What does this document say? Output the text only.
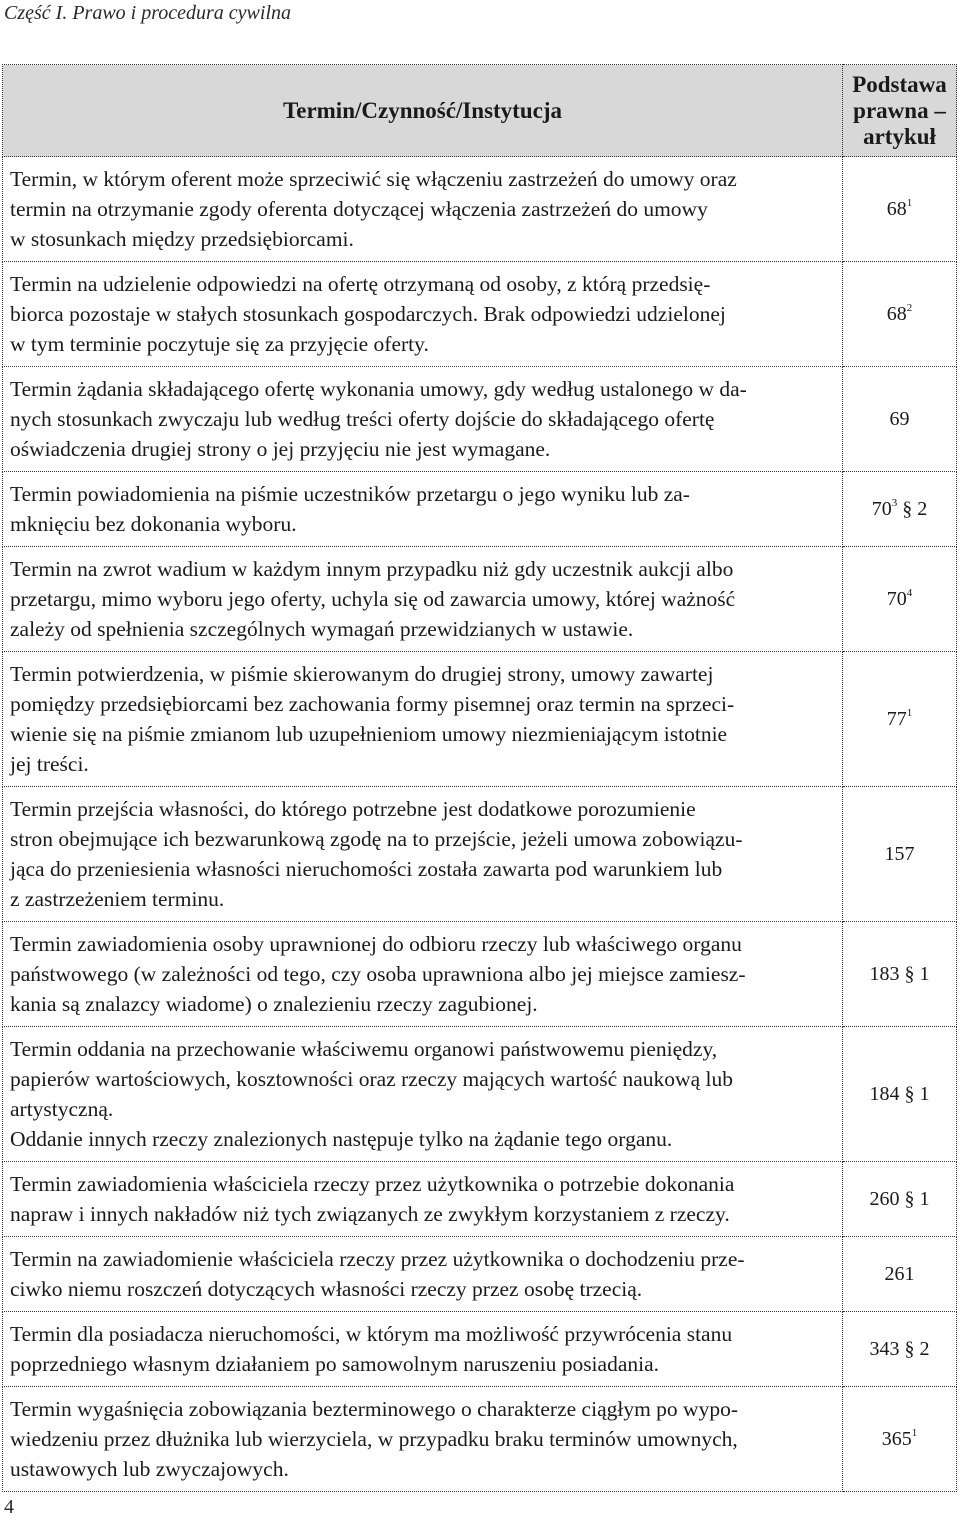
Część I. Prawo i procedura cywilna
Termin/Czynność/Instytucja	Podstawa
prawna –
artykuł

Termin, w którym oferent może sprzeciwić się włączeniu zastrzeżeń do umowy oraz
termin na otrzymanie zgody oferenta dotyczącej włączenia zastrzeżeń do umowy
w stosunkach między przedsiębiorcami.	$68^1$

Termin na udzielenie odpowiedzi na ofertę otrzymaną od osoby, z którą przedsię-
biorca pozostaje w stałych stosunkach gospodarczych. Brak odpowiedzi udzielonej
w tym terminie poczytuje się za przyjęcie oferty.	$68^2$

Termin żądania składającego ofertę wykonania umowy, gdy według ustalonego w da-
nych stosunkach zwyczaju lub według treści oferty dojście do składającego ofertę
oświadczenia drugiej strony o jej przyjęciu nie jest wymagane.	69

Termin powiadomienia na piśmie uczestników przetargu o jego wyniku lub za-
mknięciu bez dokonania wyboru.	$70^3$ § 2

Termin na zwrot wadium w każdym innym przypadku niż gdy uczestnik aukcji albo
przetargu, mimo wyboru jego oferty, uchyla się od zawarcia umowy, której ważność
zależy od spełnienia szczególnych wymagań przewidzianych w ustawie.	$70^4$

Termin potwierdzenia, w piśmie skierowanym do drugiej strony, umowy zawartej
pomiędzy przedsiębiorcami bez zachowania formy pisemnej oraz termin na sprzeci-
wienie się na piśmie zmianom lub uzupełnieniom umowy niezmieniającym istotnie
jej treści.	$77^1$

Termin przejścia własności, do którego potrzebne jest dodatkowe porozumienie
stron obejmujące ich bezwarunkową zgodę na to przejście, jeżeli umowa zobowiązu-
jąca do przeniesienia własności nieruchomości została zawarta pod warunkiem lub
z zastrzeżeniem terminu.	157

Termin zawiadomienia osoby uprawnionej do odbioru rzeczy lub właściwego organu
państwowego (w zależności od tego, czy osoba uprawniona albo jej miejsce zamiesz-
kania są znalazcy wiadome) o znalezieniu rzeczy zagubionej.	183 § 1

Termin oddania na przechowanie właściwemu organowi państwowemu pieniędzy,
papierów wartościowych, kosztowności oraz rzeczy mających wartość naukową lub
artystyczną.
Oddanie innych rzeczy znalezionych następuje tylko na żądanie tego organu.	184 § 1

Termin zawiadomienia właściciela rzeczy przez użytkownika o potrzebie dokonania
napraw i innych nakładów niż tych związanych ze zwykłym korzystaniem z rzeczy.	260 § 1

Termin na zawiadomienie właściciela rzeczy przez użytkownika o dochodzeniu prze-
ciwko niemu roszczeń dotyczących własności rzeczy przez osobę trzecią.	261

Termin dla posiadacza nieruchomości, w którym ma możliwość przywrócenia stanu
poprzedniego własnym działaniem po samowolnym naruszeniu posiadania.	343 § 2

Termin wygaśnięcia zobowiązania bezterminowego o charakterze ciągłym po wypo-
wiedzeniu przez dłużnika lub wierzyciela, w przypadku braku terminów umownych,
ustawowych lub zwyczajowych.	$365^1$
4
